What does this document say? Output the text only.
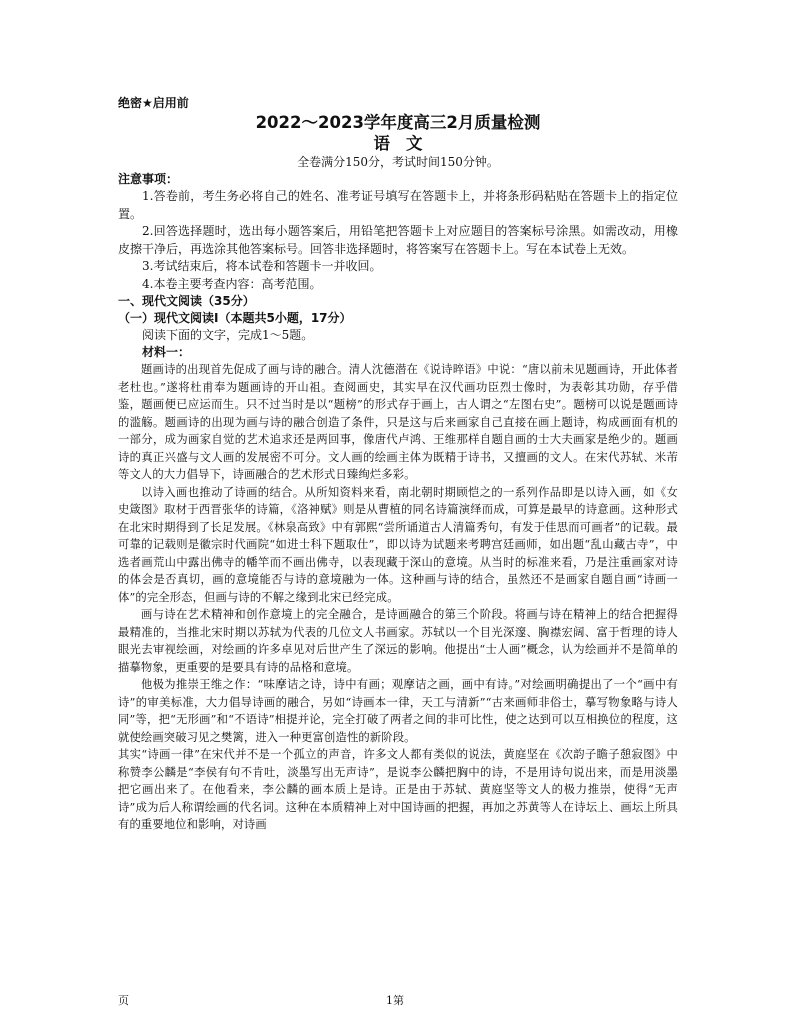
绝密★启用前

2022～2023学年度高三2月质量检测

语文

全卷满分150分，考试时间150分钟。

注意事项：

1.答卷前，考生务必将自己的姓名、准考证号填写在答题卡上，并将条形码粘贴在答题卡上的指定位置。

2.回答选择题时，选出每小题答案后，用铅笔把答题卡上对应题目的答案标号涂黑。如需改动，用橡皮擦干净后，再选涂其他答案标号。回答非选择题时，将答案写在答题卡上。写在本试卷上无效。

3.考试结束后，将本试卷和答题卡一并收回。

4.本卷主要考查内容：高考范围。

一、现代文阅读（35分）

（一）现代文阅读Ⅰ（本题共5小题，17分）

阅读下面的文字，完成1～5题。

材料一：

题画诗的出现首先促成了画与诗的融合。清人沈德潜在《说诗晬语》中说：“唐以前未见题画诗，开此体者老杜也。”遂将杜甫奉为题画诗的开山祖。查阅画史，其实早在汉代画功臣烈士像时，为表彰其功勋，存乎借鉴，题画便已应运而生。只不过当时是以“题榜”的形式存于画上，古人谓之“左图右史”。题榜可以说是题画诗的滥觞。题画诗的出现为画与诗的融合创造了条件，只是这与后来画家自己直接在画上题诗，构成画面有机的一部分，成为画家自觉的艺术追求还是两回事，像唐代卢鸿、王维那样自题自画的士大夫画家是绝少的。题画诗的真正兴盛与文人画的发展密不可分。文人画的绘画主体为既精于诗书，又擅画的文人。在宋代苏轼、米芾等文人的大力倡导下，诗画融合的艺术形式日臻绚烂多彩。

以诗入画也推动了诗画的结合。从所知资料来看，南北朝时期顾恺之的一系列作品即是以诗入画，如《女史箴图》取材于西晋张华的诗篇，《洛神赋》则是从曹植的同名诗篇演绎而成，可算是最早的诗意画。这种形式在北宋时期得到了长足发展。《林泉高致》中有郭熙“尝所诵道古人清篇秀句，有发于佳思而可画者”的记载。最可靠的记载则是徽宗时代画院“如进士科下题取仕”，即以诗为试题来考聘宫廷画师，如出题“乱山藏古寺”，中选者画荒山中露出佛寺的幡竿而不画出佛寺，以表现藏于深山的意境。从当时的标准来看，乃是注重画家对诗的体会是否真切，画的意境能否与诗的意境融为一体。这种画与诗的结合，虽然还不是画家自题自画“诗画一体”的完全形态，但画与诗的不解之缘到北宋已经完成。

画与诗在艺术精神和创作意境上的完全融合，是诗画融合的第三个阶段。将画与诗在精神上的结合把握得最精准的，当推北宋时期以苏轼为代表的几位文人书画家。苏轼以一个目光深邃、胸襟宏阔、富于哲理的诗人眼光去审视绘画，对绘画的许多卓见对后世产生了深远的影响。他提出“士人画”概念，认为绘画并不是简单的描摹物象，更重要的是要具有诗的品格和意境。

他极为推崇王维之作：“味摩诘之诗，诗中有画；观摩诘之画，画中有诗。”对绘画明确提出了一个“画中有诗”的审美标准，大力倡导诗画的融合，另如“诗画本一律，天工与清新”“古来画师非俗士，摹写物象略与诗人同”等，把“无形画”和“不语诗”相提并论，完全打破了两者之间的非可比性，使之达到可以互相换位的程度，这就使绘画突破习见之樊篱，进入一种更富创造性的新阶段。

其实“诗画一律”在宋代并不是一个孤立的声音，许多文人都有类似的说法，黄庭坚在《次韵子瞻子憩寂图》中称赞李公麟是“李侯有句不肯吐，淡墨写出无声诗”，是说李公麟把胸中的诗，不是用诗句说出来，而是用淡墨把它画出来了。在他看来，李公麟的画本质上是诗。正是由于苏轼、黄庭坚等文人的极力推崇，使得“无声诗”成为后人称谓绘画的代名词。这种在本质精神上对中国诗画的把握，再加之苏黄等人在诗坛上、画坛上所具有的重要地位和影响，对诗画

页	1第
